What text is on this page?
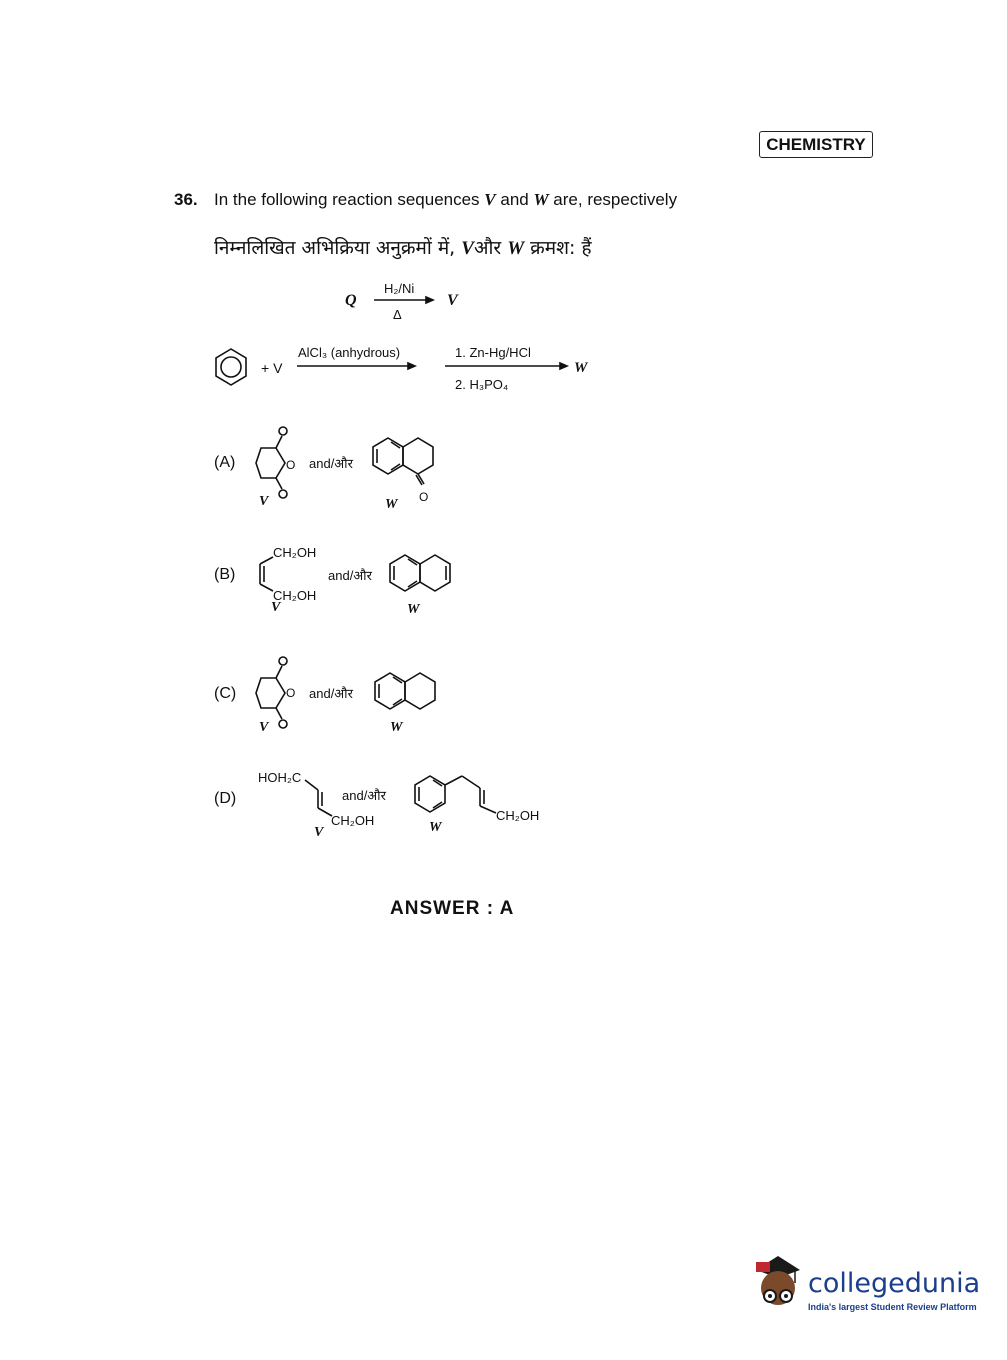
CHEMISTRY
36. In the following reaction sequences V and W are, respectively
निम्नलिखित अभिक्रिया अनुक्रमों में, Vऔर W क्रमश: हैं
Q
H₂/Ni
Δ
V
+ V
AlCl₃ (anhydrous)	1. Zn-Hg/HCl
2. H₃PO₄
W
(A)	O and/और
V	W O
(B)
CH₂OH
CH₂OH
and/और
V	W
(C)	O and/और
V	W
(D)
HOH₂C
CH₂OH
and/और
V	W
CH₂OH
ANSWER : A
collegedunia
India's largest Student Review Platform
